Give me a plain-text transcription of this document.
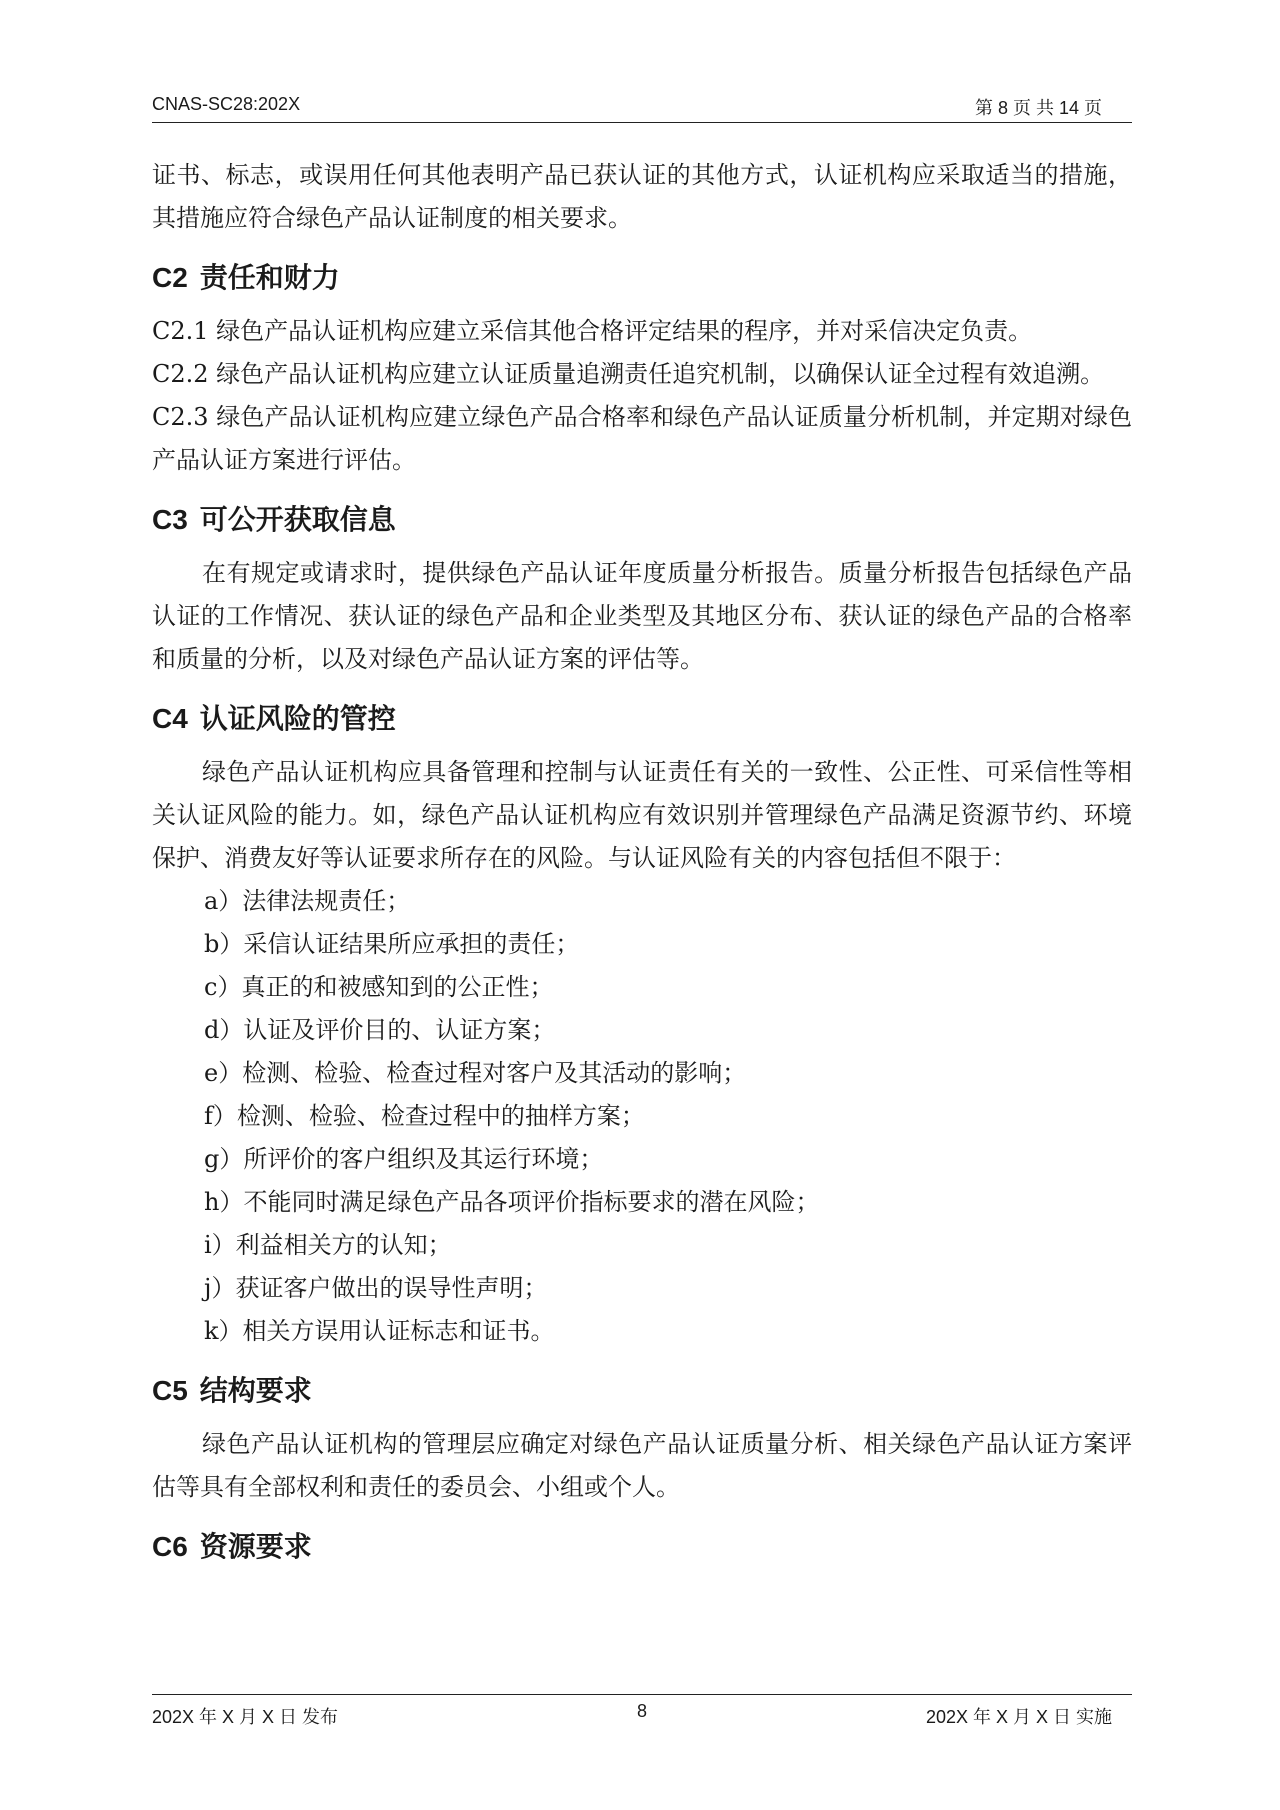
CNAS-SC28:202X	第 8 页 共 14 页

证书、标志，或误用任何其他表明产品已获认证的其他方式，认证机构应采取适当的措施，其措施应符合绿色产品认证制度的相关要求。

C2 责任和财力

C2.1 绿色产品认证机构应建立采信其他合格评定结果的程序，并对采信决定负责。

C2.2 绿色产品认证机构应建立认证质量追溯责任追究机制，以确保认证全过程有效追溯。

C2.3 绿色产品认证机构应建立绿色产品合格率和绿色产品认证质量分析机制，并定期对绿色产品认证方案进行评估。

C3 可公开获取信息

在有规定或请求时，提供绿色产品认证年度质量分析报告。质量分析报告包括绿色产品认证的工作情况、获认证的绿色产品和企业类型及其地区分布、获认证的绿色产品的合格率和质量的分析，以及对绿色产品认证方案的评估等。

C4 认证风险的管控

绿色产品认证机构应具备管理和控制与认证责任有关的一致性、公正性、可采信性等相关认证风险的能力。如，绿色产品认证机构应有效识别并管理绿色产品满足资源节约、环境保护、消费友好等认证要求所存在的风险。与认证风险有关的内容包括但不限于：

a）法律法规责任；

b）采信认证结果所应承担的责任；

c）真正的和被感知到的公正性；

d）认证及评价目的、认证方案；

e）检测、检验、检查过程对客户及其活动的影响；

f）检测、检验、检查过程中的抽样方案；

g）所评价的客户组织及其运行环境；

h）不能同时满足绿色产品各项评价指标要求的潜在风险；

i）利益相关方的认知；

j）获证客户做出的误导性声明；

k）相关方误用认证标志和证书。

C5 结构要求

绿色产品认证机构的管理层应确定对绿色产品认证质量分析、相关绿色产品认证方案评估等具有全部权利和责任的委员会、小组或个人。

C6 资源要求
202X 年 X 月 X 日 发布	8	202X 年 X 月 X 日 实施
